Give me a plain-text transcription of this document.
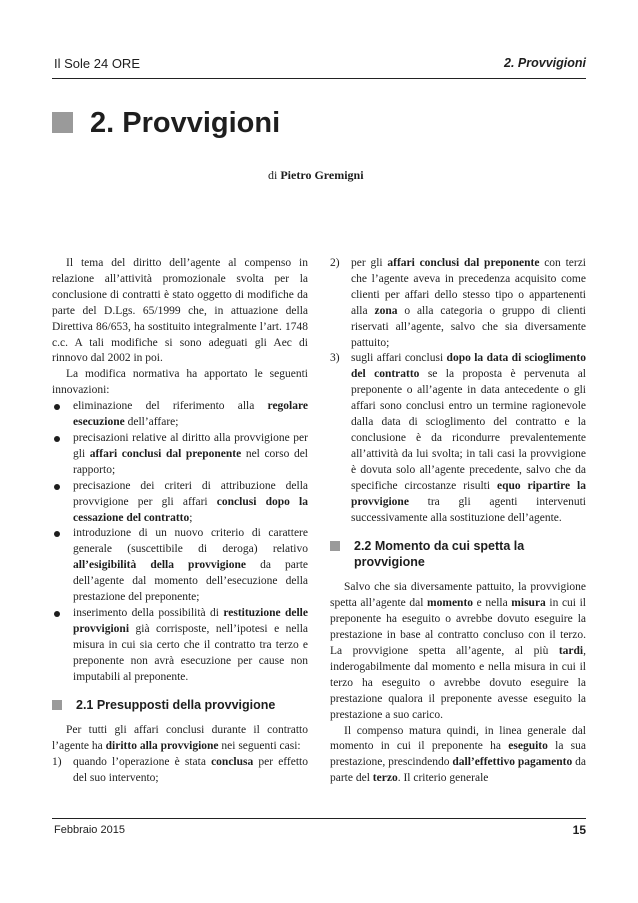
Il Sole 24 ORE	2. Provvigioni
2. Provvigioni
di Pietro Gremigni

Il tema del diritto dell’agente al compenso in relazione all’attività promozionale svolta per la conclusione di contratti è stato oggetto di modifiche da parte del D.Lgs. 65/1999 che, in attuazione della Direttiva 86/653, ha sostituito integralmente l’art. 1748 c.c. A tali modifiche si sono adeguati gli Aec di rinnovo dal 2002 in poi.

La modifica normativa ha apportato le seguenti innovazioni:

eliminazione del riferimento alla regolare esecuzione dell’affare;
precisazioni relative al diritto alla provvigione per gli affari conclusi dal preponente nel corso del rapporto;
precisazione dei criteri di attribuzione della provvigione per gli affari conclusi dopo la cessazione del contratto;
introduzione di un nuovo criterio di carattere generale (suscettibile di deroga) relativo all’esigibilità della provvigione da parte dell’agente dal momento dell’esecuzione della prestazione del preponente;
inserimento della possibilità di restituzione delle provvigioni già corrisposte, nell’ipotesi e nella misura in cui sia certo che il contratto tra terzo e preponente non avrà esecuzione per cause non imputabili al preponente.
2.1 Presupposti della provvigione

Per tutti gli affari conclusi durante il contratto l’agente ha diritto alla provvigione nei seguenti casi:

1) quando l’operazione è stata conclusa per effetto del suo intervento;
2) per gli affari conclusi dal preponente con terzi che l’agente aveva in precedenza acquisito come clienti per affari dello stesso tipo o appartenenti alla zona o alla categoria o gruppo di clienti riservati all’agente, salvo che sia diversamente pattuito;
3) sugli affari conclusi dopo la data di scioglimento del contratto se la proposta è pervenuta al preponente o all’agente in data antecedente o gli affari sono conclusi entro un termine ragionevole dalla data di scioglimento del contratto e la conclusione è da ricondurre prevalentemente all’attività da lui svolta; in tali casi la provvigione è dovuta solo all’agente precedente, salvo che da specifiche circostanze risulti equo ripartire la provvigione tra gli agenti intervenuti successivamente alla sostituzione dell’agente.
2.2 Momento da cui spetta la provvigione

Salvo che sia diversamente pattuito, la provvigione spetta all’agente dal momento e nella misura in cui il preponente ha eseguito o avrebbe dovuto eseguire la prestazione in base al contratto concluso con il terzo. La provvigione spetta all’agente, al più tardi, inderogabilmente dal momento e nella misura in cui il terzo ha eseguito o avrebbe dovuto eseguire la prestazione qualora il preponente avesse eseguito la prestazione a suo carico.

Il compenso matura quindi, in linea generale dal momento in cui il preponente ha eseguito la sua prestazione, prescindendo dall’effettivo pagamento da parte del terzo. Il criterio generale

Febbraio 2015	15
